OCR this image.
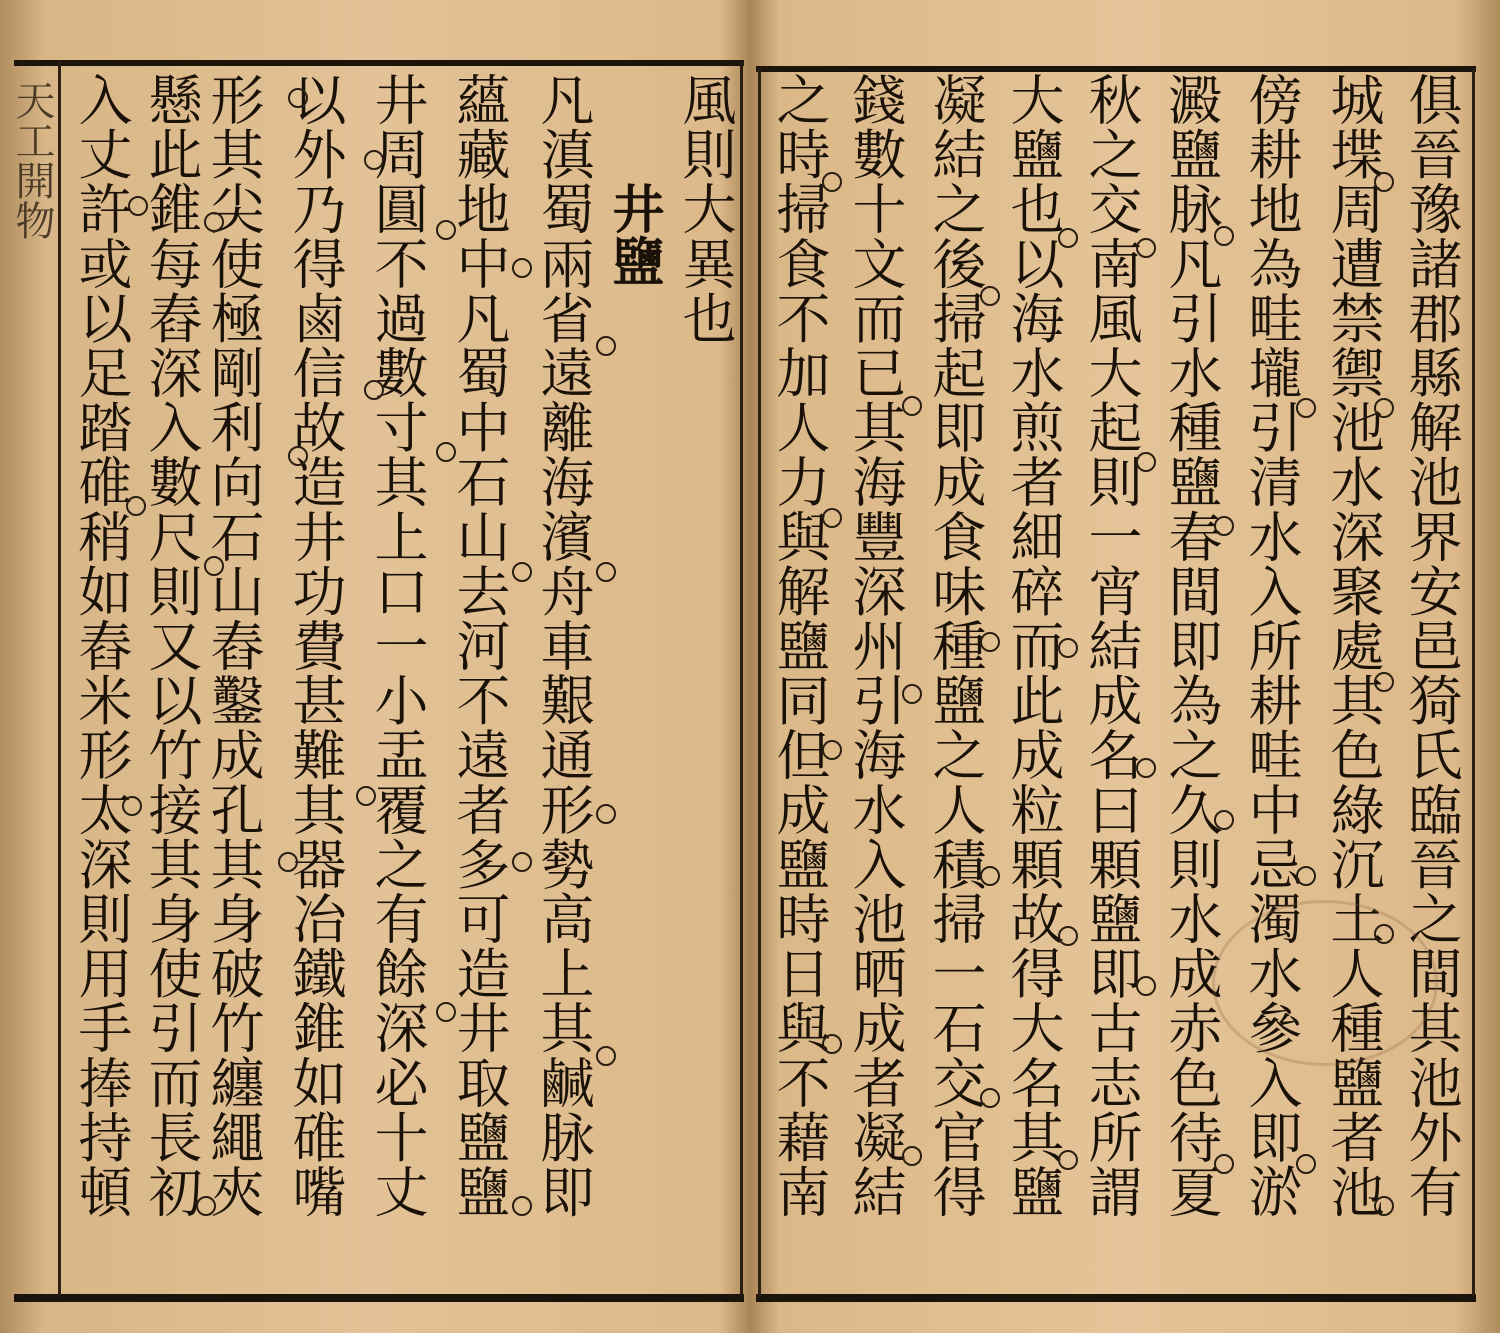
天工開物	風則大異也
井鹽
凡滇蜀兩省遠離海濱舟車艱通形勢高上其鹹脉即
蘊藏地中凡蜀中石山去河不遠者多可造井取鹽鹽
井周圓不過數寸其上口一小盂覆之有餘深必十丈
以外乃得鹵信故造井功費甚難其器冶鐵錐如碓嘴
形其尖使極剛利向石山舂鑿成孔其身破竹纏繩夾
懸此錐每舂深入數尺則又以竹接其身使引而長初
入丈許或以足踏碓稍如舂米形太深則用手捧持頓	俱晉豫諸郡縣解池界安邑猗氏臨晉之間其池外有
城堞周遭禁禦池水深聚處其色綠沉土人種鹽者池
傍耕地為畦壠引清水入所耕畦中忌濁水參入即淤
澱鹽脉凡引水種鹽春間即為之久則水成赤色待夏
秋之交南風大起則一宵結成名曰顆鹽即古志所謂
大鹽也以海水煎者細碎而此成粒顆故得大名其鹽
凝結之後掃起即成食味種鹽之人積掃一石交官得
錢數十文而已其海豐深州引海水入池晒成者凝結
之時掃食不加人力與解鹽同但成鹽時日與不藉南
